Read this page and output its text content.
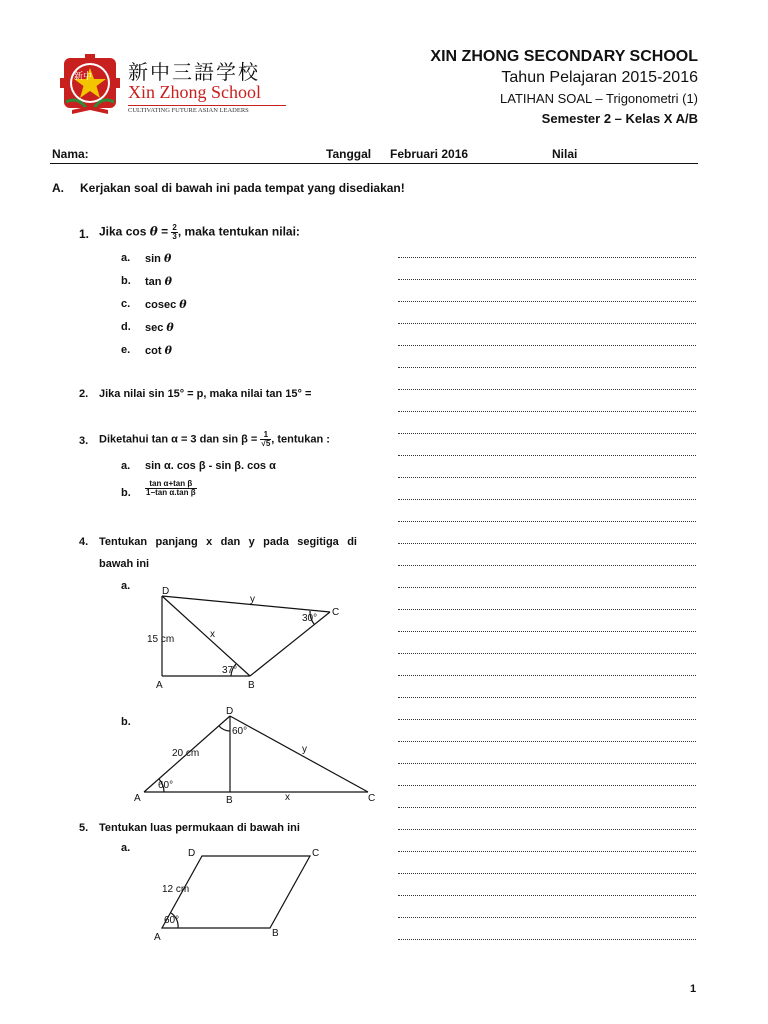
新中 新中三語学校
Xin Zhong School
CULTIVATING FUTURE ASIAN LEADERS
XIN ZHONG SECONDARY SCHOOL
Tahun Pelajaran 2015-2016
LATIHAN SOAL – Trigonometri (1)
Semester 2 – Kelas X A/B
Nama:	Tanggal Februari 2016	Nilai
A. Kerjakan soal di bawah ini pada tempat yang disediakan!
1. Jika $\cos \theta = \frac{2}{3}$ , maka tentukan nilai:
a. sin θ
b. tan θ
c. cosec θ
d. sec θ
e. cot θ
2. Jika nilai sin 15° = p, maka nilai tan 15° =
3. Diketahui tan α = 3 dan $\sin \beta = \frac{1}{√5}$ , tentukan :
a. sin α. cos β - sin β. cos α
b. $\frac{\text{tan α+tan β}}{\text{1−tan α.tan β}}$
4. Tentukan panjang x dan y pada segitiga di
bawah ini
a.	D
C
A	B
y
x
15 cm
30°
37°
b.
D
A	B	C
20 cm
60°
60°
y
x
5. Tentukan luas permukaan di bawah ini
a.	D	C
A	B
12 cm
60°
1
